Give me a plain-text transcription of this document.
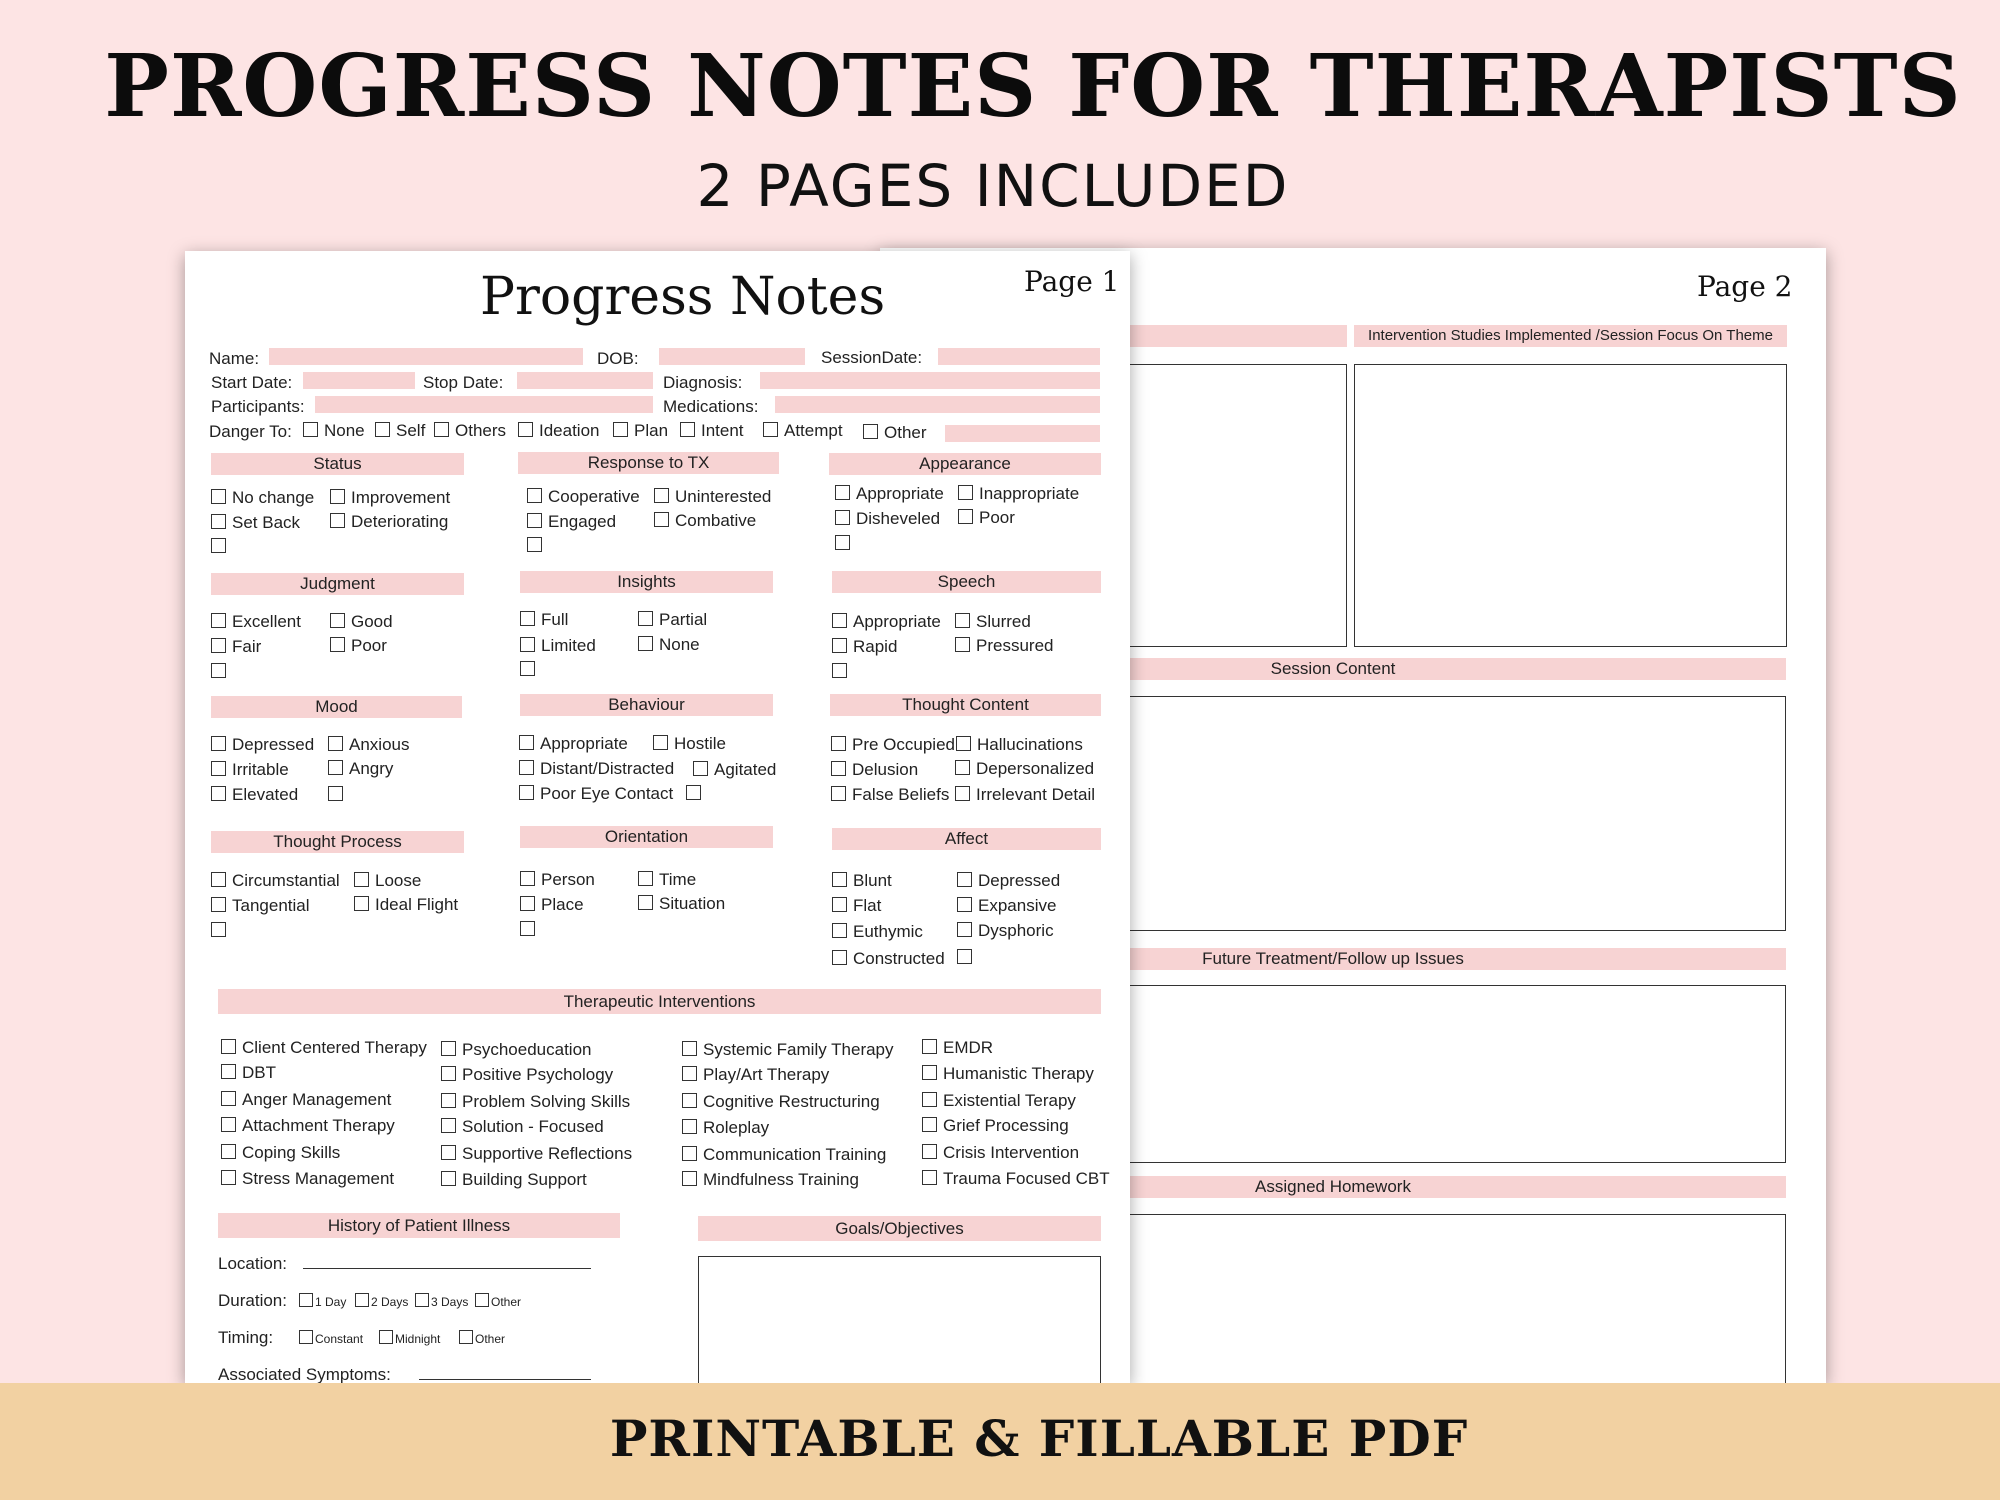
PROGRESS NOTES FOR THERAPISTS
2 PAGES INCLUDED
Page 2
Intervention Studies Implemented /Session Focus On Theme
Session Content
Future Treatment/Follow up Issues
Assigned Homework
Progress Notes	Page 1
Name:	DOB:	SessionDate:
Start Date:	Stop Date:	Diagnosis:
Participants:	Medications:
Danger To:	None	Self	Others	Ideation	Plan	Intent	Attempt	Other
Status
No change	Improvement
Set Back	Deteriorating
Response to TX
Cooperative	Uninterested
Engaged	Combative
Appearance
Appropriate	Inappropriate
Disheveled	Poor
Judgment
Excellent	Good
Fair	Poor
Insights
Full	Partial
Limited	None
Speech
Appropriate	Slurred
Rapid	Pressured
Mood
Depressed	Anxious
Irritable	Angry
Elevated
Behaviour
Appropriate	Hostile
Distant/Distracted	Agitated
Poor Eye Contact
Thought Content
Pre Occupied	Hallucinations
Delusion	Depersonalized
False Beliefs	Irrelevant Detail
Thought Process
Circumstantial	Loose
Tangential	Ideal Flight
Orientation
Person	Time
Place	Situation
Affect
Blunt	Depressed
Flat	Expansive
Euthymic	Dysphoric
Constructed
Therapeutic Interventions
Client Centered Therapy
DBT
Anger Management
Attachment Therapy
Coping Skills
Stress Management
Psychoeducation
Positive Psychology
Problem Solving Skills
Solution - Focused
Supportive Reflections
Building Support
Systemic Family Therapy
Play/Art Therapy
Cognitive Restructuring
Roleplay
Communication Training
Mindfulness Training
EMDR
Humanistic Therapy
Existential Terapy
Grief Processing
Crisis Intervention
Trauma Focused CBT
History of Patient Illness
Location:
Duration:	1 Day	2 Days	3 Days	Other
Timing:	Constant	Midnight	Other
Associated Symptoms:
Goals/Objectives
PRINTABLE & FILLABLE PDF
